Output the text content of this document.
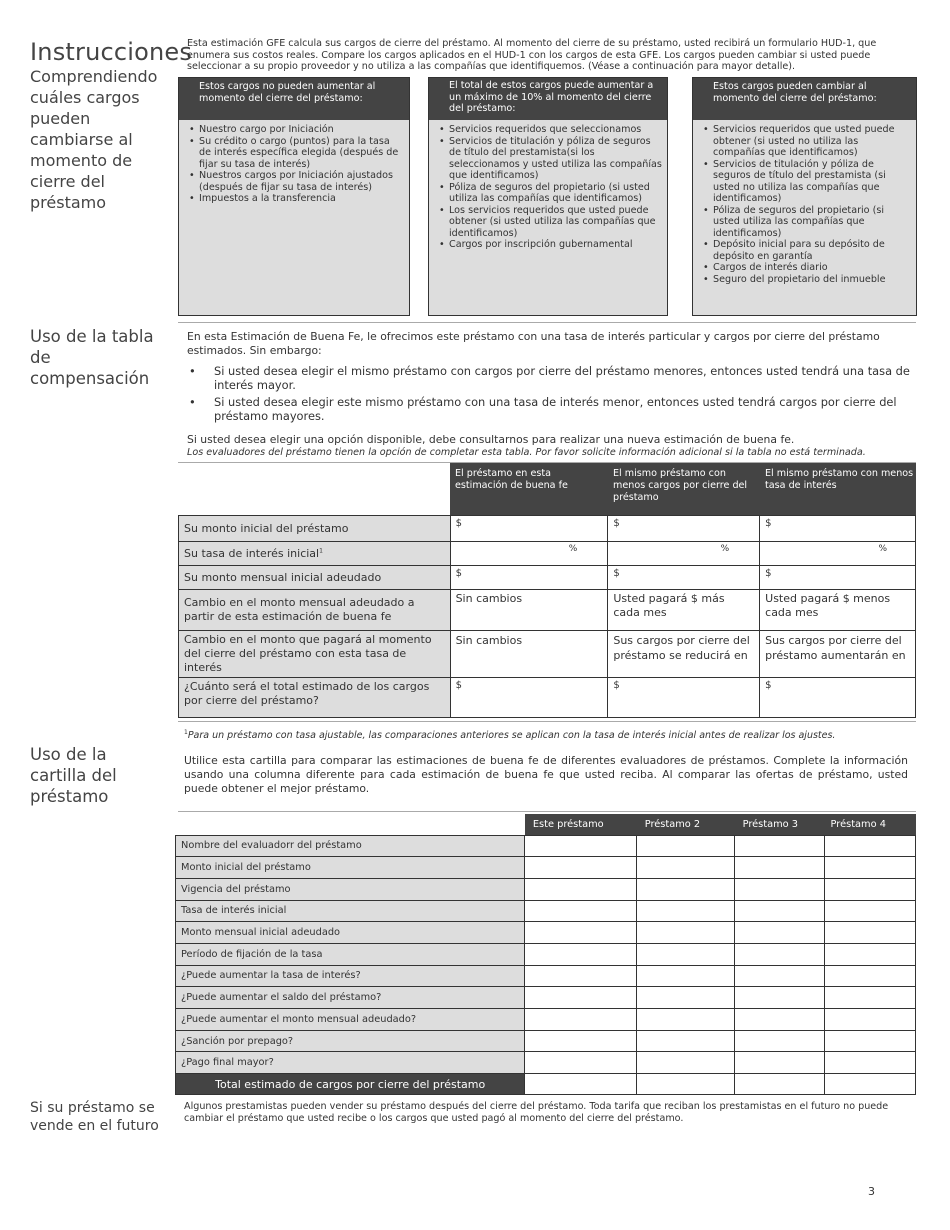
Instrucciones
Comprendiendo cuáles cargos pueden cambiarse al momento de cierre del préstamo
Esta estimación GFE calcula sus cargos de cierre del préstamo. Al momento del cierre de su préstamo, usted recibirá un formulario HUD-1, que enumera sus costos reales. Compare los cargos aplicados en el HUD-1 con los cargos de esta GFE. Los cargos pueden cambiar si usted puede seleccionar a su propio proveedor y no utiliza a las compañías que identifiquemos. (Véase a continuación para mayor detalle).
Estos cargos no pueden aumentar al momento del cierre del préstamo:
• Nuestro cargo por Iniciación
• Su crédito o cargo (puntos) para la tasa de interés específica elegida (después de fijar su tasa de interés)
• Nuestros cargos por Iniciación ajustados (después de fijar su tasa de interés)
• Impuestos a la transferencia
El total de estos cargos puede aumentar a un máximo de 10% al momento del cierre del préstamo:
• Servicios requeridos que seleccionamos
• Servicios de titulación y póliza de seguros de título del prestamista(si los seleccionamos y usted utiliza las compañías que identificamos)
• Póliza de seguros del propietario (si usted utiliza las compañías que identificamos)
• Los servicios requeridos que usted puede obtener (si usted utiliza las compañías que identificamos)
• Cargos por inscripción gubernamental
Estos cargos pueden cambiar al momento del cierre del préstamo:
• Servicios requeridos que usted puede obtener (si usted no utiliza las compañías que identificamos)
• Servicios de titulación y póliza de seguros de título del prestamista (si usted no utiliza las compañías que identificamos)
• Póliza de seguros del propietario (si usted utiliza las compañías que identificamos)
• Depósito inicial para su depósito de depósito en garantía
• Cargos de interés diario
• Seguro del propietario del inmueble
Uso de la tabla de compensación
En esta Estimación de Buena Fe, le ofrecimos este préstamo con una tasa de interés particular y cargos por cierre del préstamo estimados. Sin embargo:
• Si usted desea elegir el mismo préstamo con cargos por cierre del préstamo menores, entonces usted tendrá una tasa de interés mayor.
• Si usted desea elegir este mismo préstamo con una tasa de interés menor, entonces usted tendrá cargos por cierre del préstamo mayores.
Si usted desea elegir una opción disponible, debe consultarnos para realizar una nueva estimación de buena fe.
Los evaluadores del préstamo tienen la opción de completar esta tabla. Por favor solicite información adicional si la tabla no está terminada.
El préstamo en esta estimación de buena fe
El mismo préstamo con menos cargos por cierre del préstamo
El mismo préstamo con menos tasa de interés
Su monto inicial del préstamo	$	$	$
Su tasa de interés inicial$^1$	%	%	%
Su monto mensual inicial adeudado	$	$	$
Cambio en el monto mensual adeudado a partir de esta estimación de buena fe	Sin cambios	Usted pagará $ más cada mes	Usted pagará $ menos cada mes
Cambio en el monto que pagará al momento del cierre del préstamo con esta tasa de interés	Sin cambios	Sus cargos por cierre del préstamo se reducirá en	Sus cargos por cierre del préstamo aumentarán en
¿Cuánto será el total estimado de los cargos por cierre del préstamo?	$	$	$
$^1$Para un préstamo con tasa ajustable, las comparaciones anteriores se aplican con la tasa de interés inicial antes de realizar los ajustes.
Uso de la cartilla del préstamo
Utilice esta cartilla para comparar las estimaciones de buena fe de diferentes evaluadores de préstamos. Complete la información usando una columna diferente para cada estimación de buena fe que usted reciba. Al comparar las ofertas de préstamo, usted puede obtener el mejor préstamo.
	Este préstamo	Préstamo 2	Préstamo 3	Préstamo 4
Nombre del evaluadorr del préstamo				
Monto inicial del préstamo				
Vigencia del préstamo				
Tasa de interés inicial				
Monto mensual inicial adeudado				
Período de fijación de la tasa				
¿Puede aumentar la tasa de interés?				
¿Puede aumentar el saldo del préstamo?				
¿Puede aumentar el monto mensual adeudado?				
¿Sanción por prepago?				
¿Pago final mayor?				
Total estimado de cargos por cierre del préstamo				
Si su préstamo se vende en el futuro
Algunos prestamistas pueden vender su préstamo después del cierre del préstamo. Toda tarifa que reciban los prestamistas en el futuro no puede cambiar el préstamo que usted recibe o los cargos que usted pagó al momento del cierre del préstamo.
3
